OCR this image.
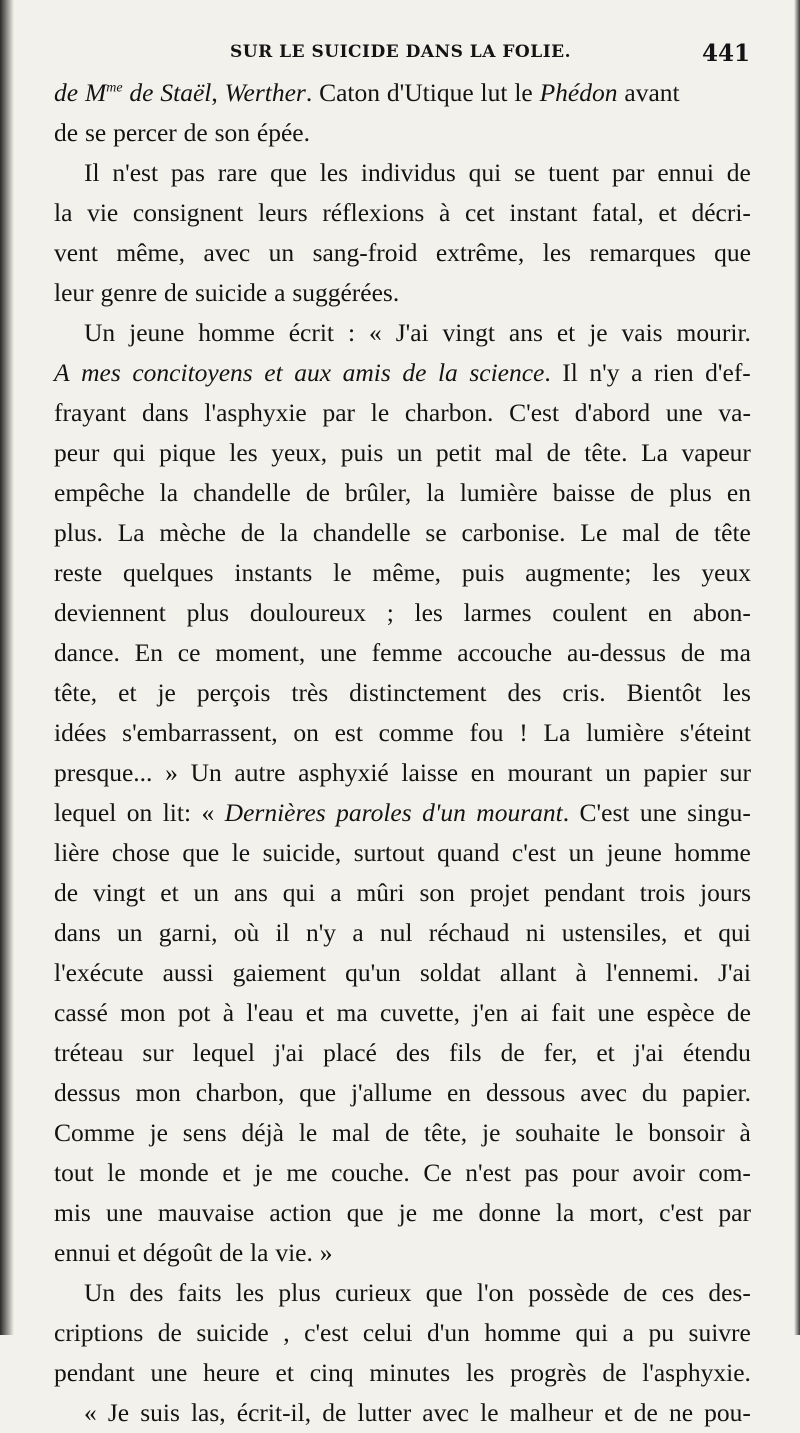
SUR LE SUICIDE DANS LA FOLIE.	441
de $M^{me}$ de Staël, Werther. Caton d'Utique lut le Phédon avant
de se percer de son épée.
Il n'est pas rare que les individus qui se tuent par ennui de
la vie consignent leurs réflexions à cet instant fatal, et décri-
vent même, avec un sang-froid extrême, les remarques que
leur genre de suicide a suggérées.
Un jeune homme écrit : « J'ai vingt ans et je vais mourir.
A mes concitoyens et aux amis de la science. Il n'y a rien d'ef-
frayant dans l'asphyxie par le charbon. C'est d'abord une va-
peur qui pique les yeux, puis un petit mal de tête. La vapeur
empêche la chandelle de brûler, la lumière baisse de plus en
plus. La mèche de la chandelle se carbonise. Le mal de tête
reste quelques instants le même, puis augmente; les yeux
deviennent plus douloureux ; les larmes coulent en abon-
dance. En ce moment, une femme accouche au-dessus de ma
tête, et je perçois très distinctement des cris. Bientôt les
idées s'embarrassent, on est comme fou ! La lumière s'éteint
presque... » Un autre asphyxié laisse en mourant un papier sur
lequel on lit: « Dernières paroles d'un mourant. C'est une singu-
lière chose que le suicide, surtout quand c'est un jeune homme
de vingt et un ans qui a mûri son projet pendant trois jours
dans un garni, où il n'y a nul réchaud ni ustensiles, et qui
l'exécute aussi gaiement qu'un soldat allant à l'ennemi. J'ai
cassé mon pot à l'eau et ma cuvette, j'en ai fait une espèce de
tréteau sur lequel j'ai placé des fils de fer, et j'ai étendu
dessus mon charbon, que j'allume en dessous avec du papier.
Comme je sens déjà le mal de tête, je souhaite le bonsoir à
tout le monde et je me couche. Ce n'est pas pour avoir com-
mis une mauvaise action que je me donne la mort, c'est par
ennui et dégoût de la vie. »
Un des faits les plus curieux que l'on possède de ces des-
criptions de suicide , c'est celui d'un homme qui a pu suivre
pendant une heure et cinq minutes les progrès de l'asphyxie.
« Je suis las, écrit-il, de lutter avec le malheur et de ne pou-
